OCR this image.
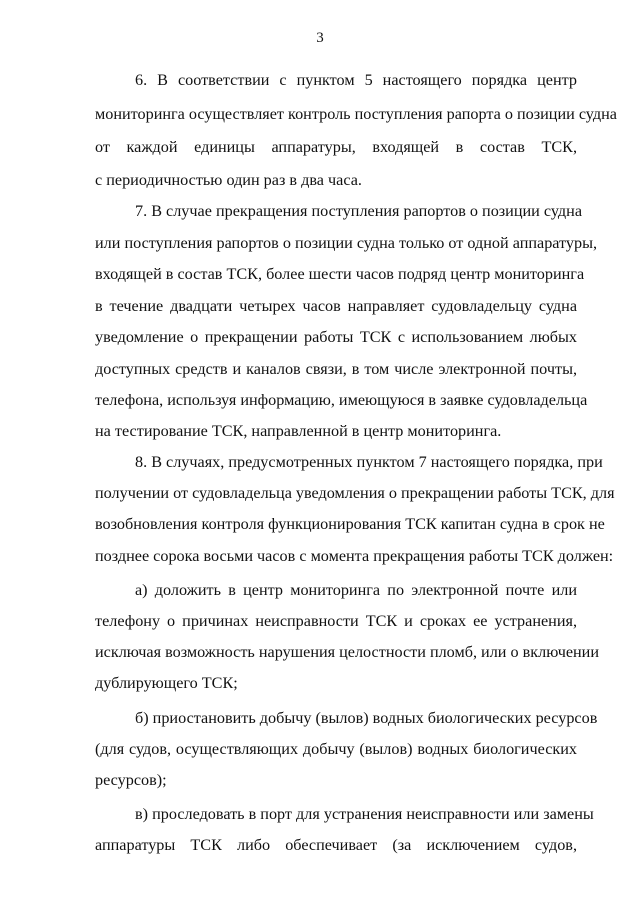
3
6. В соответствии с пунктом 5 настоящего порядка центр
мониторинга осуществляет контроль поступления рапорта о позиции судна
от каждой единицы аппаратуры, входящей в состав ТСК,
с периодичностью один раз в два часа.
7. В случае прекращения поступления рапортов о позиции судна
или поступления рапортов о позиции судна только от одной аппаратуры,
входящей в состав ТСК, более шести часов подряд центр мониторинга
в течение двадцати четырех часов направляет судовладельцу судна
уведомление о прекращении работы ТСК с использованием любых
доступных средств и каналов связи, в том числе электронной почты,
телефона, используя информацию, имеющуюся в заявке судовладельца
на тестирование ТСК, направленной в центр мониторинга.
8. В случаях, предусмотренных пунктом 7 настоящего порядка, при
получении от судовладельца уведомления о прекращении работы ТСК, для
возобновления контроля функционирования ТСК капитан судна в срок не
позднее сорока восьми часов с момента прекращения работы ТСК должен:
а) доложить в центр мониторинга по электронной почте или
телефону о причинах неисправности ТСК и сроках ее устранения,
исключая возможность нарушения целостности пломб, или о включении
дублирующего ТСК;
б) приостановить добычу (вылов) водных биологических ресурсов
(для судов, осуществляющих добычу (вылов) водных биологических
ресурсов);
в) проследовать в порт для устранения неисправности или замены
аппаратуры ТСК либо обеспечивает (за исключением судов,
